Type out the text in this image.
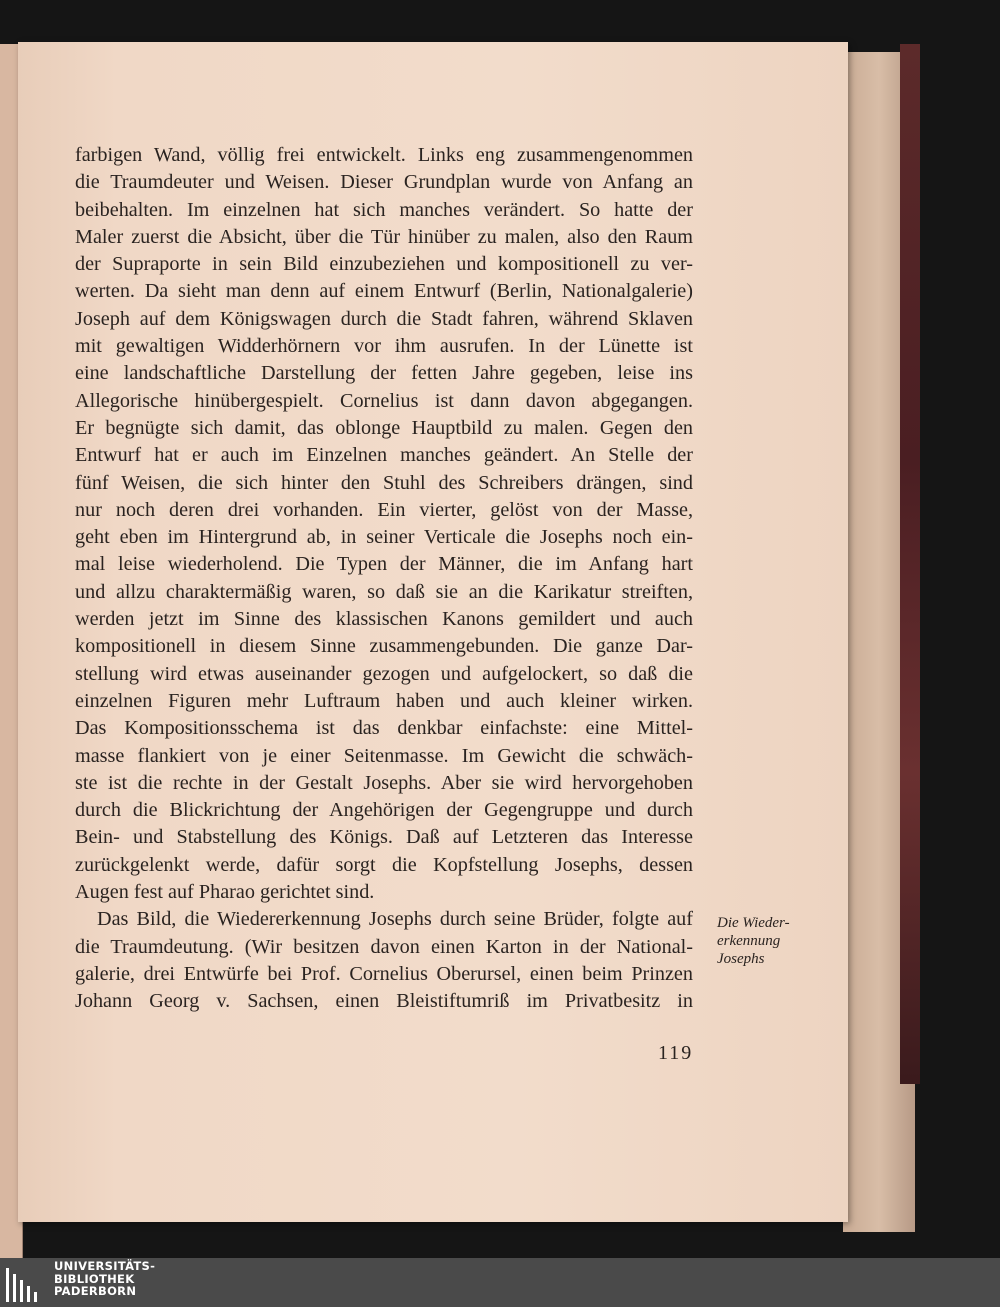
farbigen Wand, völlig frei entwickelt. Links eng zusammengenommen
die Traumdeuter und Weisen. Dieser Grundplan wurde von Anfang an
beibehalten. Im einzelnen hat sich manches verändert. So hatte der
Maler zuerst die Absicht, über die Tür hinüber zu malen, also den Raum
der Supraporte in sein Bild einzubeziehen und kompositionell zu ver-
werten. Da sieht man denn auf einem Entwurf (Berlin, Nationalgalerie)
Joseph auf dem Königswagen durch die Stadt fahren, während Sklaven
mit gewaltigen Widderhörnern vor ihm ausrufen. In der Lünette ist
eine landschaftliche Darstellung der fetten Jahre gegeben, leise ins
Allegorische hinübergespielt. Cornelius ist dann davon abgegangen.
Er begnügte sich damit, das oblonge Hauptbild zu malen. Gegen den
Entwurf hat er auch im Einzelnen manches geändert. An Stelle der
fünf Weisen, die sich hinter den Stuhl des Schreibers drängen, sind
nur noch deren drei vorhanden. Ein vierter, gelöst von der Masse,
geht eben im Hintergrund ab, in seiner Verticale die Josephs noch ein-
mal leise wiederholend. Die Typen der Männer, die im Anfang hart
und allzu charaktermäßig waren, so daß sie an die Karikatur streiften,
werden jetzt im Sinne des klassischen Kanons gemildert und auch
kompositionell in diesem Sinne zusammengebunden. Die ganze Dar-
stellung wird etwas auseinander gezogen und aufgelockert, so daß die
einzelnen Figuren mehr Luftraum haben und auch kleiner wirken.
Das Kompositionsschema ist das denkbar einfachste: eine Mittel-
masse flankiert von je einer Seitenmasse. Im Gewicht die schwäch-
ste ist die rechte in der Gestalt Josephs. Aber sie wird hervorgehoben
durch die Blickrichtung der Angehörigen der Gegengruppe und durch
Bein- und Stabstellung des Königs. Daß auf Letzteren das Interesse
zurückgelenkt werde, dafür sorgt die Kopfstellung Josephs, dessen
Augen fest auf Pharao gerichtet sind.
Das Bild, die Wiedererkennung Josephs durch seine Brüder, folgte auf
die Traumdeutung. (Wir besitzen davon einen Karton in der National-
galerie, drei Entwürfe bei Prof. Cornelius Oberursel, einen beim Prinzen
Johann Georg v. Sachsen, einen Bleistiftumriß im Privatbesitz in
Die Wieder-
erkennung
Josephs
119
UNIVERSITÄTS-
BIBLIOTHEK
PADERBORN
